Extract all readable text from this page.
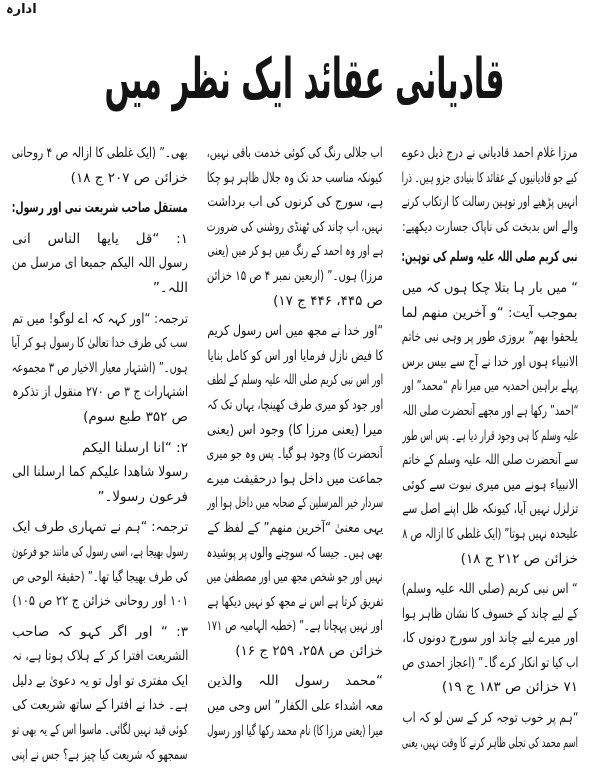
ادارہ
قادیانی عقائد ایک نظر میں
مرزا غلام احمد قادیانی نے درج ذیل دعوے
کیے جو قادیانیوں کے عقائد کا بنیادی جزو ہیں۔ ذرا
انہیں پڑھیے اور توہین رسالت کا ارتکاب کرنے
والے اس بدبخت کی ناپاک جسارت دیکھیے:
نبی کریم صلی اللہ علیہ وسلم کی توہین:
“ میں بار ہا بتلا چکا ہوں کہ میں
بموجب آیت: “و آخرین منھم لما
یلحقوا بھم” بروزی طور پر وہی نبی خاتم
الانبیاء ہوں اور خدا نے آج سے بیس برس
پہلے براہین احمدیہ میں میرا نام “محمد” اور
“احمد” رکھا ہے اور مجھے آنحضرت صلی اللہ
علیہ وسلم کا ہی وجود قرار دیا ہے۔ پس اس طور
سے آنحضرت صلی اللہ علیہ وسلم کے خاتم
الانبیاء ہونے میں میری نبوت سے کوئی
تزلزل نہیں آیا، کیونکہ ظل اپنے اصل سے
علیحدہ نہیں ہوتا” (ایک غلطی کا ازالہ ص ۸
خزائن ص ۲۱۲ ج ۱۸)
“ اس نبی کریم (صلی اللہ علیہ وسلم)
کے لیے چاند کے خسوف کا نشان ظاہر ہوا
اور میرے لیے چاند اور سورج دونوں کا،
اب کیا تو انکار کرے گا۔” (اعجاز احمدی ص
۷۱ خزائن ص ۱۸۳ ج ۱۹)
“ہم پر خوب توجہ کر کے سن لو کہ اب
اسم محمد کی تجلی ظاہر کرنے کا وقت نہیں، یعنی
اب جلالی رنگ کی کوئی خدمت باقی نہیں،
کیونکہ مناسب حد تک وہ جلال ظاہر ہو چکا
ہے، سورج کی کرنوں کی اب برداشت
نہیں، اب چاند کی ٹھنڈی روشنی کی ضرورت
ہے اور وہ احمد کے رنگ میں ہو کر میں (یعنی
مرزا) ہوں۔” (اربعین نمبر ۴ ص ۱۵ خزائن
ص ۴۴۵، ۴۴۶ ج ۱۷)
“اور خدا نے مجھ میں اس رسول کریم
کا فیض نازل فرمایا اور اس کو کامل بنایا
اور اس نبی کریم صلی اللہ علیہ وسلم کے لطف
اور جود کو میری طرف کھینچا، یہاں تک کہ
میرا (یعنی مرزا کا) وجود اس (یعنی
آنحضرت کا) وجود ہو گیا۔ پس وہ جو میری
جماعت میں داخل ہوا درحقیقت میرے
سردار خیر المرسلین کے صحابہ میں داخل ہوا اور
یہی معنیٰ “آخرین منھم” کے لفظ کے
بھی ہیں۔ جیسا کہ سوچنے والوں پر پوشیدہ
نہیں اور جو شخص مجھ میں اور مصطفیٰ میں
تفریق کرتا ہے اس نے مجھ کو نہیں دیکھا ہے
اور نہیں پہچانا ہے۔” (خطبہ الہامیہ ص ۱۷۱
خزائن ص ۲۵۸، ۲۵۹ ج ۱۶)
“محمد رسول اللہ والذین
معہ اشداء علی الکفار” اس وحی میں
میرا (یعنی مرزا کا) نام محمد رکھا گیا اور رسول
بھی۔” (ایک غلطی کا ازالہ ص ۴ روحانی
خزائن ص ۲۰۷ ج ۱۸)
مستقل صاحب شریعت نبی اور رسول:
۱: “قل یایھا الناس انی
رسول اللہ الیکم جمیعا ای مرسل من
اللہ۔”
ترجمہ: “اور کہہ کہ اے لوگو! میں تم
سب کی طرف خدا تعالیٰ کا رسول ہو کر آیا
ہوں۔” (اشتہار معیار الاخیار ص ۳ مجموعہ
اشتہارات ج ۳ ص ۲۷۰ منقول از تذکرہ
ص ۳۵۲ طبع سوم)
۲: “انا ارسلنا الیکم
رسولا شاھدا علیکم کما ارسلنا الی
فرعون رسولا۔”
ترجمہ: “ہم نے تمہاری طرف ایک
رسول بھیجا ہے، اسی رسول کی مانند جو فرعون
کی طرف بھیجا گیا تھا۔” (حقیقۃ الوحی ص
۱۰۱ اور روحانی خزائن ج ۲۲ ص ۱۰۵)
۳: “ اور اگر کہو کہ صاحب
الشریعت افترا کر کے ہلاک ہوتا ہے، نہ
ایک مفتری تو اول تو یہ دعویٰ بے دلیل
ہے۔ خدا نے افترا کے ساتھ شریعت کی
کوئی قید نہیں لگائی۔ ماسوا اس کے یہ بھی تو
سمجھو کہ شریعت کیا چیز ہے؟ جس نے اپنی
